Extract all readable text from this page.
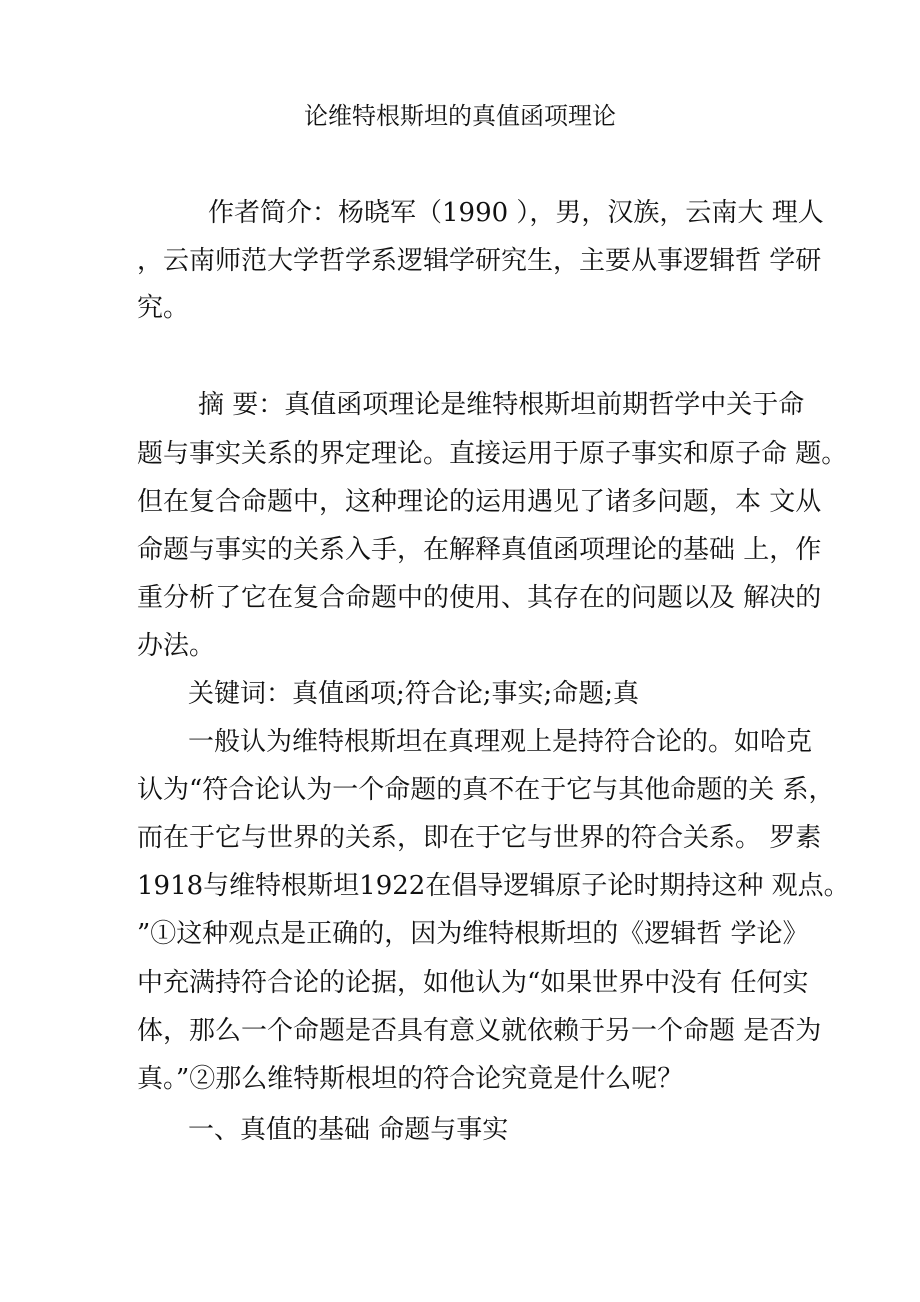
论维特根斯坦的真值函项理论
作者简介：杨晓军（1990 ），男，汉族，云南大 理人
，云南师范大学哲学系逻辑学研究生，主要从事逻辑哲 学研
究。
摘 要：真值函项理论是维特根斯坦前期哲学中关于命
题与事实关系的界定理论。直接运用于原子事实和原子命 题。
但在复合命题中，这种理论的运用遇见了诸多问题，本 文从
命题与事实的关系入手，在解释真值函项理论的基础 上，作
重分析了它在复合命题中的使用、其存在的问题以及 解决的
办法。
关键词：真值函项;符合论;事实;命题;真
一般认为维特根斯坦在真理观上是持符合论的。如哈克
认为“符合论认为一个命题的真不在于它与其他命题的关 系，
而在于它与世界的关系，即在于它与世界的符合关系。 罗素
1918与维特根斯坦1922在倡导逻辑原子论时期持这种 观点。
”①这种观点是正确的，因为维特根斯坦的《逻辑哲 学论》
中充满持符合论的论据，如他认为“如果世界中没有 任何实
体，那么一个命题是否具有意义就依赖于另一个命题 是否为
真。”②那么维特斯根坦的符合论究竟是什么呢？
一、真值的基础 命题与事实
